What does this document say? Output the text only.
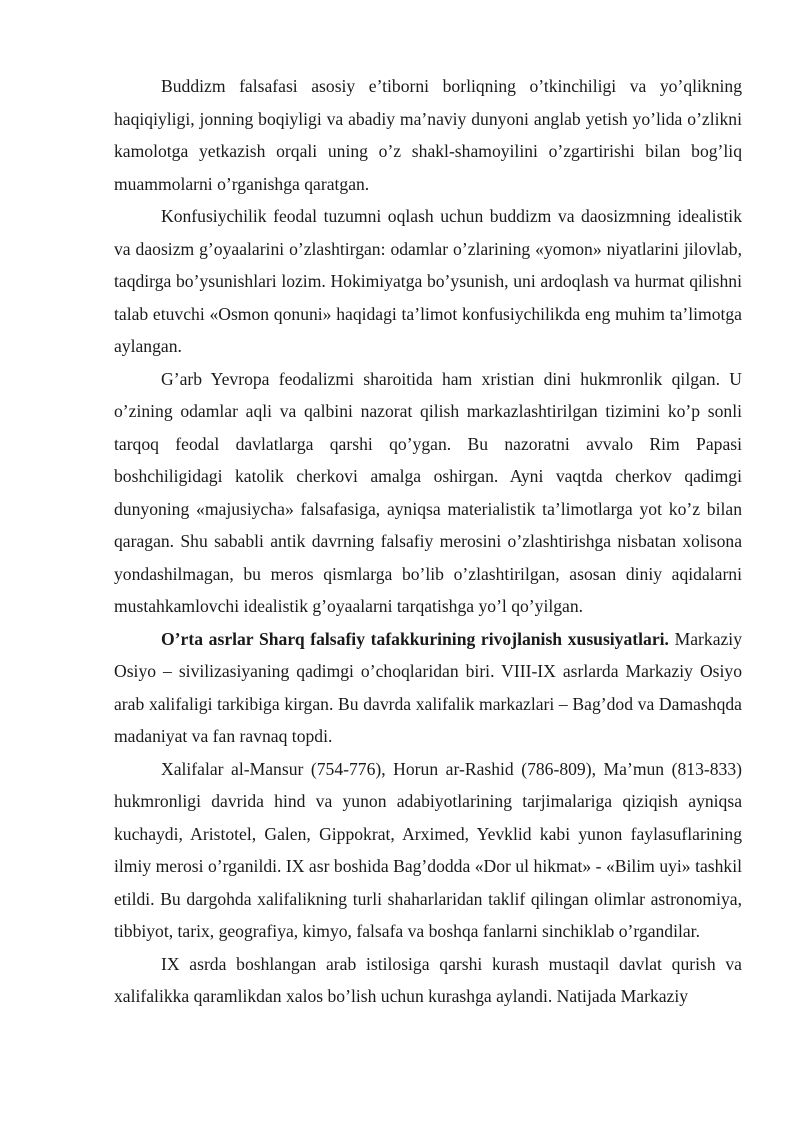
Buddizm falsafasi asosiy e’tiborni borliqning o’tkinchiligi va yo’qlikning haqiqiyligi, jonning boqiyligi va abadiy ma’naviy dunyoni anglab yetish yo’lida o’zlikni kamolotga yetkazish orqali uning o’z shakl-shamoyilini o’zgartirishi bilan bog’liq muammolarni o’rganishga qaratgan.

Konfusiychilik feodal tuzumni oqlash uchun buddizm va daosizmning idealistik va daosizm g’oyaalarini o’zlashtirgan: odamlar o’zlarining «yomon» niyatlarini jilovlab, taqdirga bo’ysunishlari lozim. Hokimiyatga bo’ysunish, uni ardoqlash va hurmat qilishni talab etuvchi «Osmon qonuni» haqidagi ta’limot konfusiychilikda eng muhim ta’limotga aylangan.

G’arb Yevropa feodalizmi sharoitida ham xristian dini hukmronlik qilgan. U o’zining odamlar aqli va qalbini nazorat qilish markazlashtirilgan tizimini ko’p sonli tarqoq feodal davlatlarga qarshi qo’ygan. Bu nazoratni avvalo Rim Papasi boshchiligidagi katolik cherkovi amalga oshirgan. Ayni vaqtda cherkov qadimgi dunyoning «majusiycha» falsafasiga, ayniqsa materialistik ta’limotlarga yot ko’z bilan qaragan. Shu sababli antik davrning falsafiy merosini o’zlashtirishga nisbatan xolisona yondashilmagan, bu meros qismlarga bo’lib o’zlashtirilgan, asosan diniy aqidalarni mustahkamlovchi idealistik g’oyaalarni tarqatishga yo’l qo’yilgan.

O’rta asrlar Sharq falsafiy tafakkurining rivojlanish xususiyatlari. Markaziy Osiyo – sivilizasiyaning qadimgi o’choqlaridan biri. VIII-IX asrlarda Markaziy Osiyo arab xalifaligi tarkibiga kirgan. Bu davrda xalifalik markazlari – Bag’dod va Damashqda madaniyat va fan ravnaq topdi.

Xalifalar al-Mansur (754-776), Horun ar-Rashid (786-809), Ma’mun (813-833) hukmronligi davrida hind va yunon adabiyotlarining tarjimalariga qiziqish ayniqsa kuchaydi, Aristotel, Galen, Gippokrat, Arximed, Yevklid kabi yunon faylasuflarining ilmiy merosi o’rganildi. IX asr boshida Bag’dodda «Dor ul hikmat» - «Bilim uyi» tashkil etildi. Bu dargohda xalifalikning turli shaharlaridan taklif qilingan olimlar astronomiya, tibbiyot, tarix, geografiya, kimyo, falsafa va boshqa fanlarni sinchiklab o’rgandilar.

IX asrda boshlangan arab istilosiga qarshi kurash mustaqil davlat qurish va xalifalikka qaramlikdan xalos bo’lish uchun kurashga aylandi. Natijada Markaziy
